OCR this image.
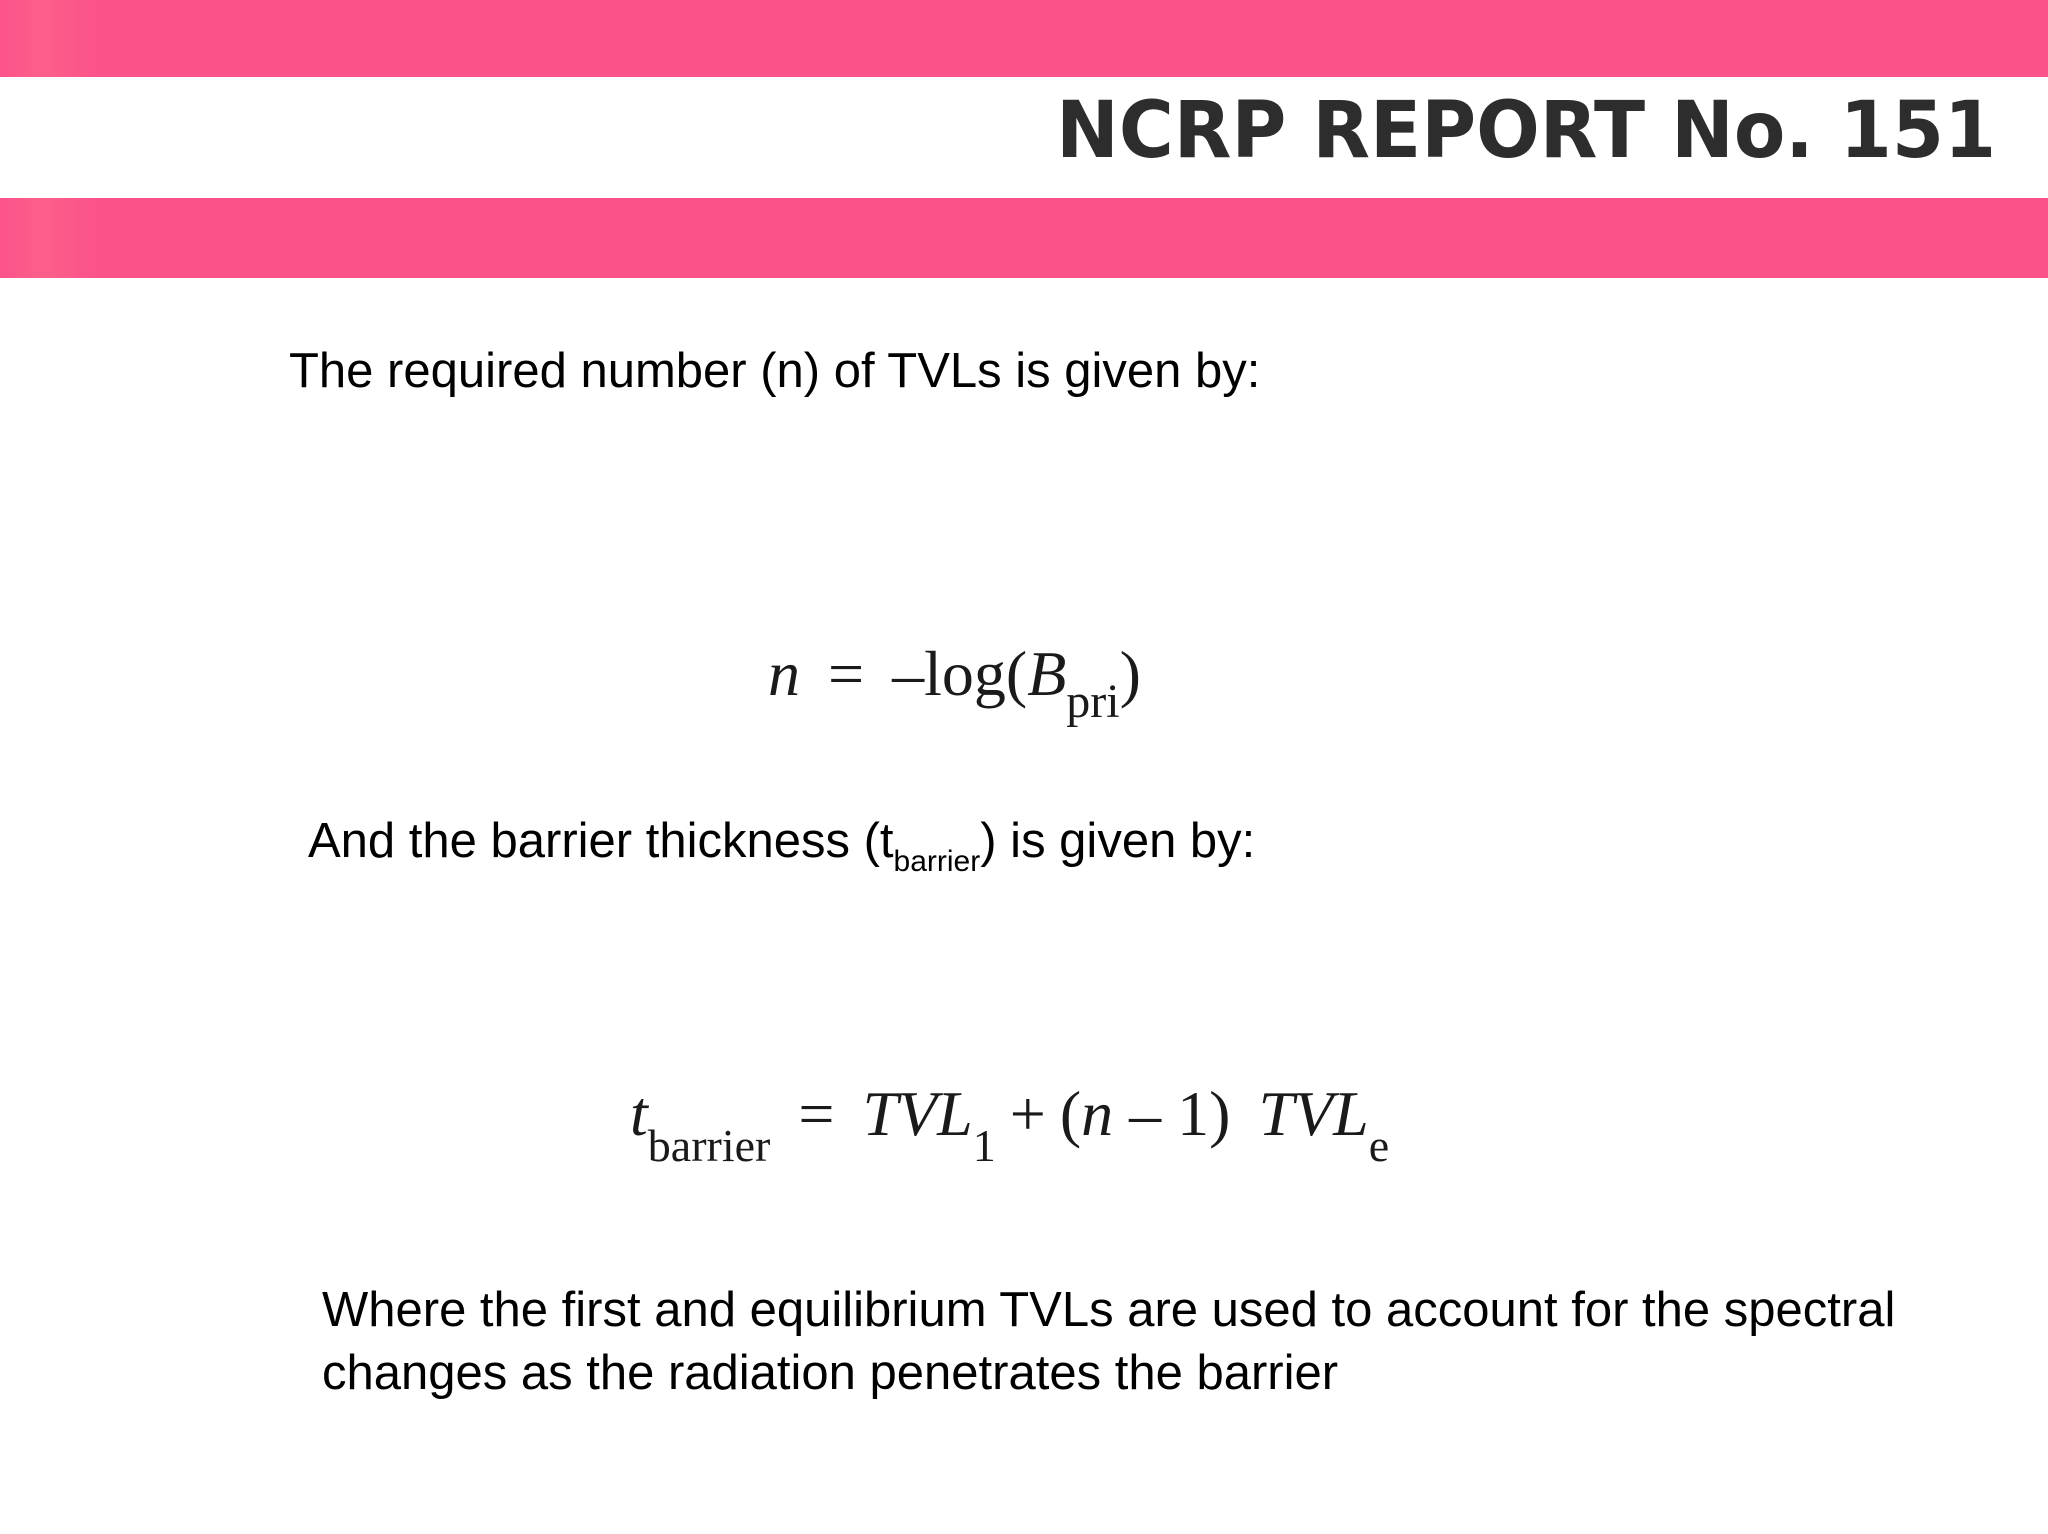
NCRP REPORT No. 151
The required number (n) of TVLs is given by:
$n = -\log(B_{pri})$
And the barrier thickness $(t_{barrier})$ is given by:
$t_{barrier} = TVL_1 + (n - 1)$ $TVL_e$
Where the first and equilibrium TVLs are used to account for the spectral
changes as the radiation penetrates the barrier
